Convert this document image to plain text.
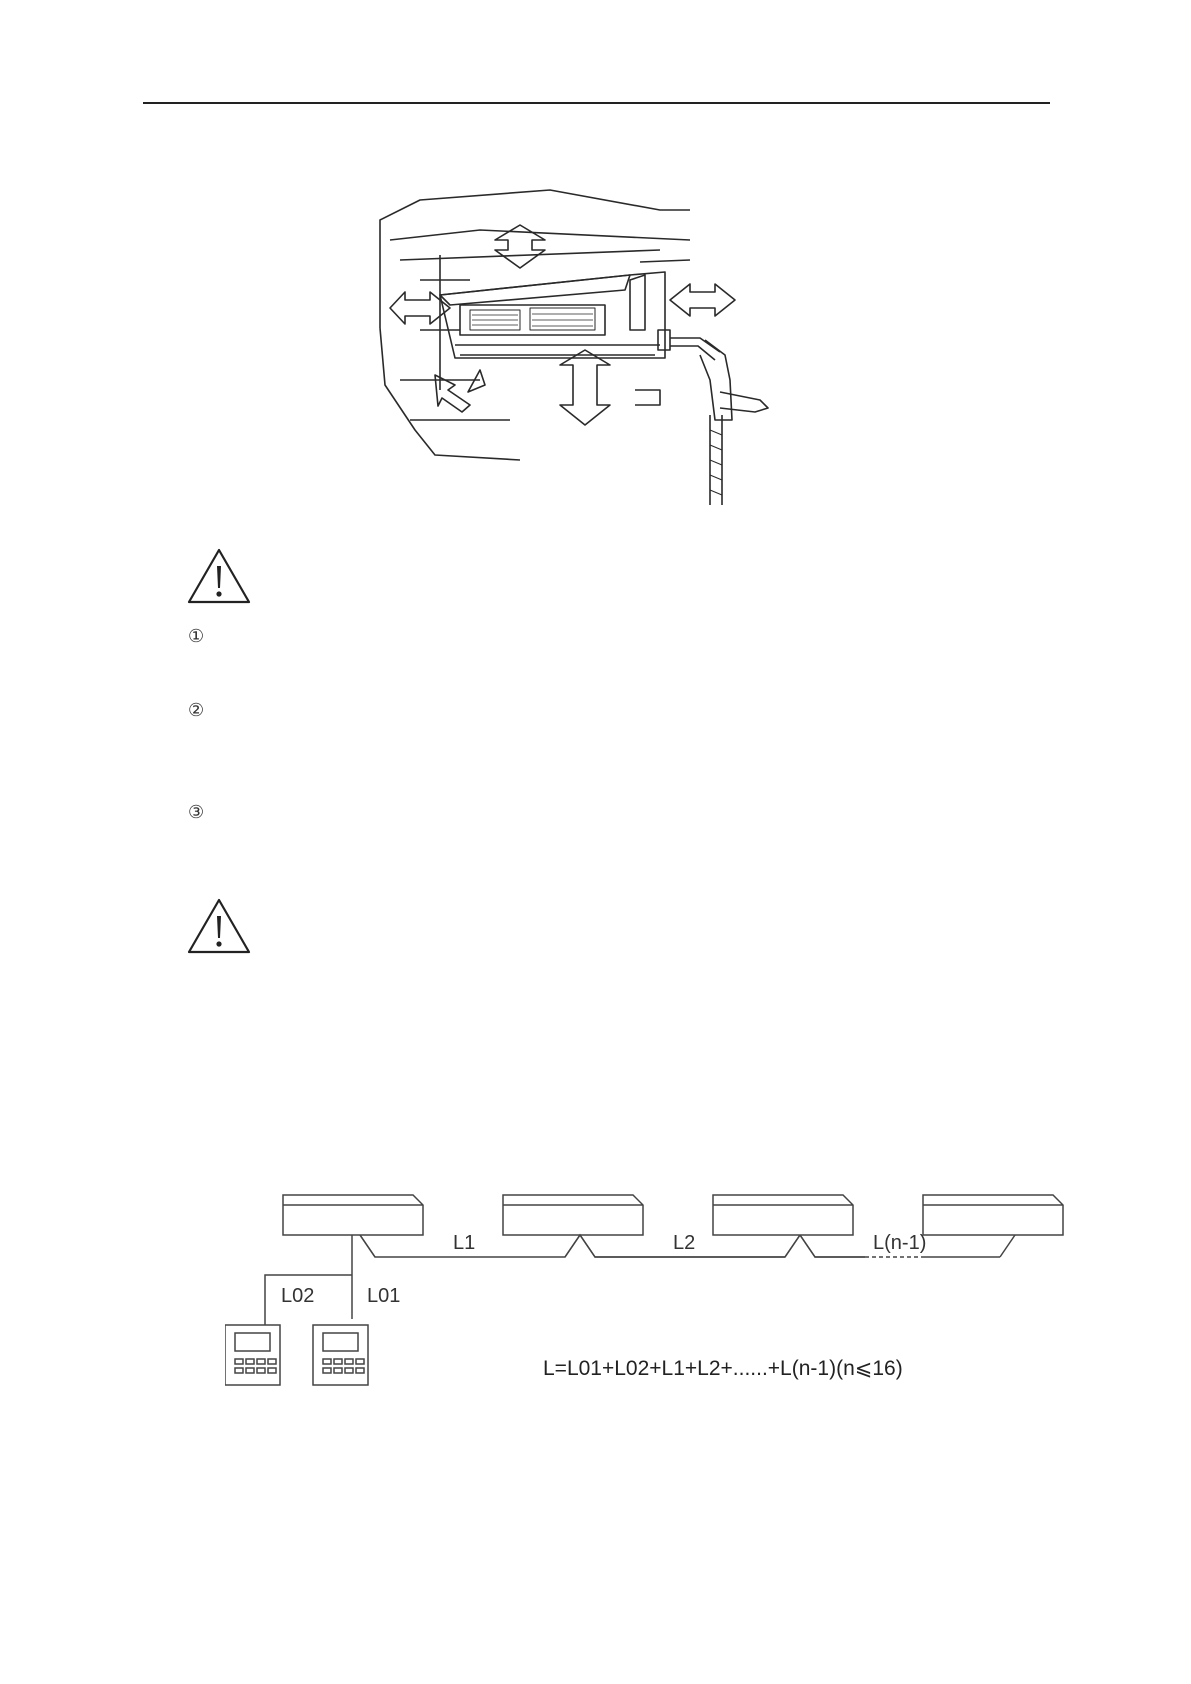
①
②
③
L1	L2	L(n-1)
L02	L01
L=L01+L02+L1+L2+......+L(n-1)(n⩽16)
